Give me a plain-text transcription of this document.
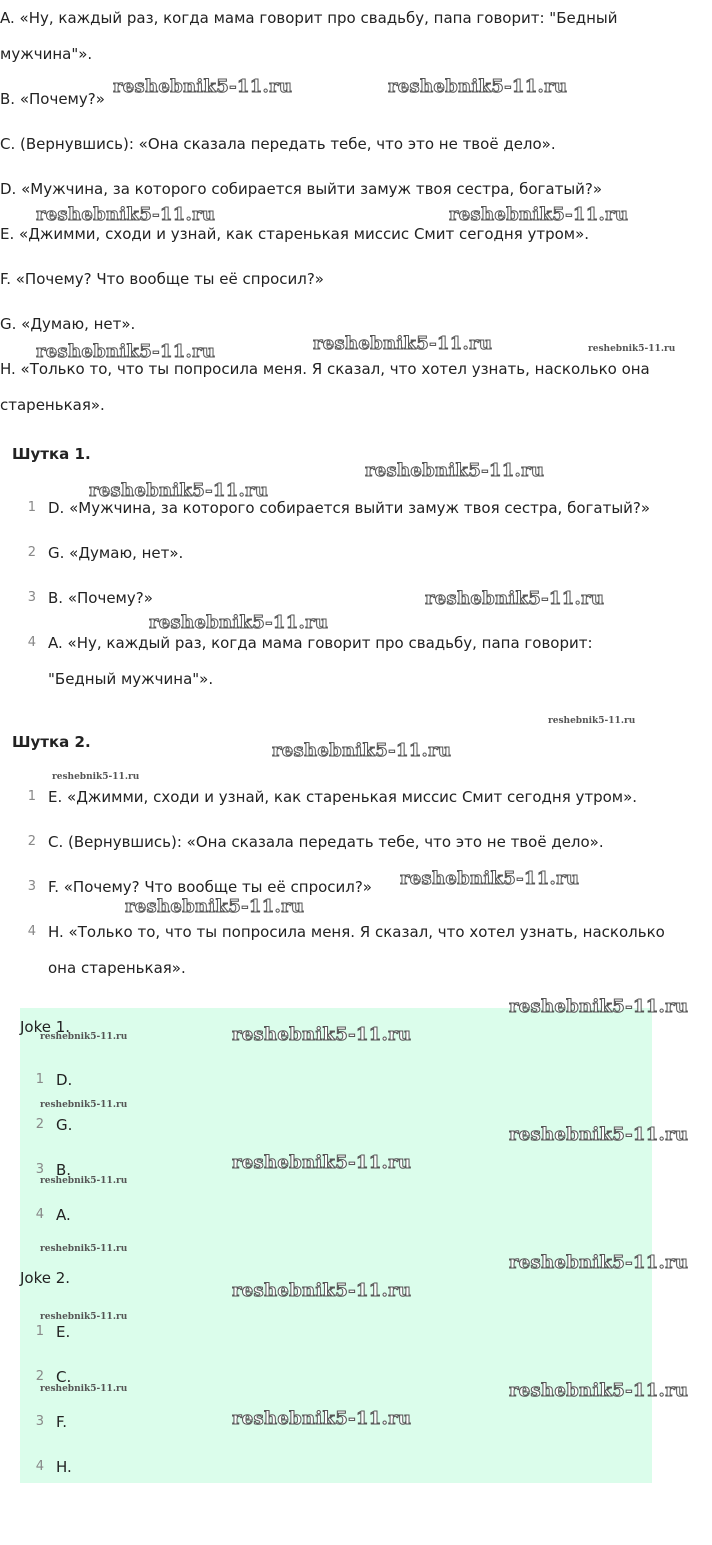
A. «Ну, каждый раз, когда мама говорит про свадьбу, папа говорит: "Бедный
мужчина"».
B. «Почему?»
C. (Вернувшись): «Она сказала передать тебе, что это не твоё дело».
D. «Мужчина, за которого собирается выйти замуж твоя сестра, богатый?»
E. «Джимми, сходи и узнай, как старенькая миссис Смит сегодня утром».
F. «Почему? Что вообще ты её спросил?»
G. «Думаю, нет».
H. «Только то, что ты попросила меня. Я сказал, что хотел узнать, насколько она
старенькая».
Шутка 1.
1 D. «Мужчина, за которого собирается выйти замуж твоя сестра, богатый?»
2 G. «Думаю, нет».
3 B. «Почему?»
4 A. «Ну, каждый раз, когда мама говорит про свадьбу, папа говорит:
"Бедный мужчина"».
Шутка 2.
1 E. «Джимми, сходи и узнай, как старенькая миссис Смит сегодня утром».
2 C. (Вернувшись): «Она сказала передать тебе, что это не твоё дело».
3 F. «Почему? Что вообще ты её спросил?»
4 H. «Только то, что ты попросила меня. Я сказал, что хотел узнать, насколько
она старенькая».
Joke 1.
1 D.
2 G.
3 B.
4 A.
Joke 2.
1 E.
2 C.
3 F.
4 H.
reshebnik5-11.ru	reshebnik5-11.ru
reshebnik5-11.ru	reshebnik5-11.ru
reshebnik5-11.ru	reshebnik5-11.ru	reshebnik5-11.ru
reshebnik5-11.ru
reshebnik5-11.ru
reshebnik5-11.ru
reshebnik5-11.ru
reshebnik5-11.ru
reshebnik5-11.ru
reshebnik5-11.ru
reshebnik5-11.ru
reshebnik5-11.ru
reshebnik5-11.ru
reshebnik5-11.ru
reshebnik5-11.ru
reshebnik5-11.ru
reshebnik5-11.ru
reshebnik5-11.ru
reshebnik5-11.ru
reshebnik5-11.ru
reshebnik5-11.ru
reshebnik5-11.ru
reshebnik5-11.ru
reshebnik5-11.ru	reshebnik5-11.ru
reshebnik5-11.ru
